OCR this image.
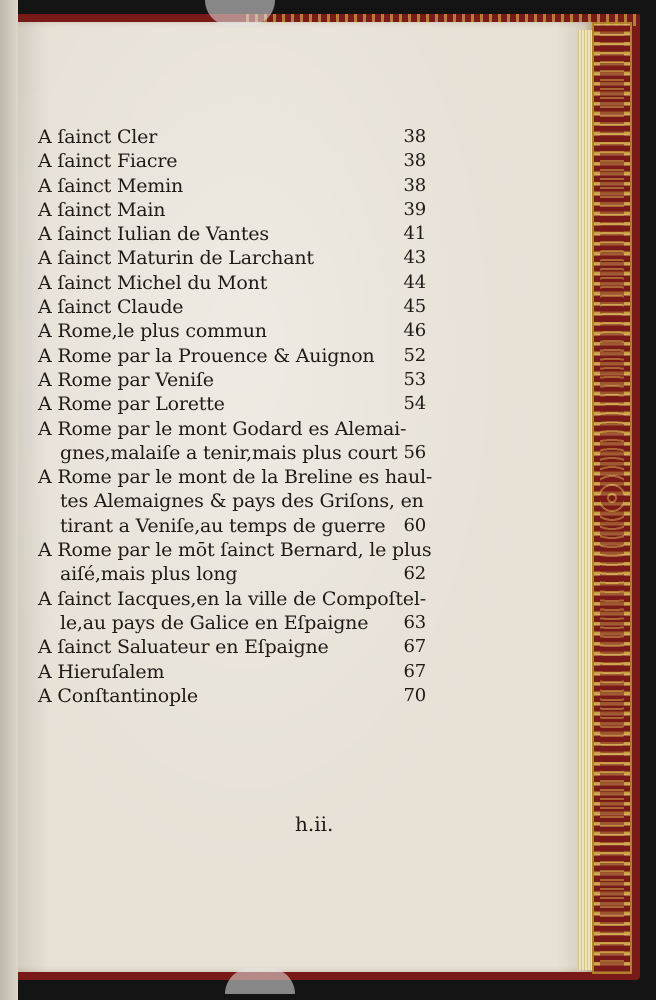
A ſainct Cler	38
A ſainct Fiacre	38
A ſainct Memin	38
A ſainct Main	39
A ſainct Iulian de Vantes	41
A ſainct Maturin de Larchant	43
A ſainct Michel du Mont	44
A ſainct Claude	45
A Rome,le plus commun	46
A Rome par la Prouence & Auignon 52
A Rome par Veniſe	53
A Rome par Lorette	54
A Rome par le mont Godard es Alemai-
gnes,malaiſe a tenir,mais plus court 56
A Rome par le mont de la Breline es haul-
tes Alemaignes & pays des Griſons, en
tirant a Veniſe,au temps de guerre 60
A Rome par le mōt ſainct Bernard, le plus
aiſé,mais plus long	62
A ſainct Iacques,en la ville de Compoſtel-
le,au pays de Galice en Eſpaigne 63
A ſainct Saluateur en Eſpaigne	67
A Hieruſalem	67
A Conſtantinople	70
h.ii.
